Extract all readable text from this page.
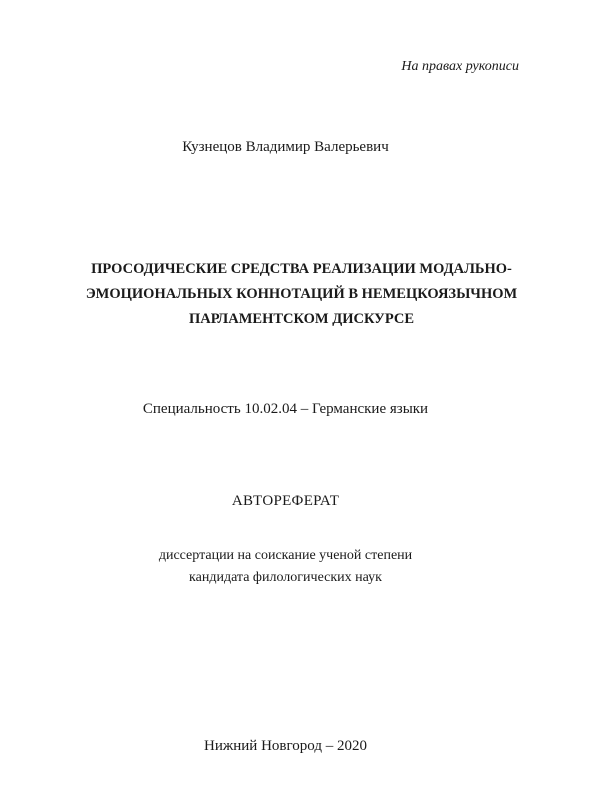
На правах рукописи
Кузнецов Владимир Валерьевич
ПРОСОДИЧЕСКИЕ СРЕДСТВА РЕАЛИЗАЦИИ МОДАЛЬНО-
ЭМОЦИОНАЛЬНЫХ КОННОТАЦИЙ В НЕМЕЦКОЯЗЫЧНОМ
ПАРЛАМЕНТСКОМ ДИСКУРСЕ
Специальность 10.02.04 – Германские языки
АВТОРЕФЕРАТ
диссертации на соискание ученой степени
кандидата филологических наук
Нижний Новгород – 2020
